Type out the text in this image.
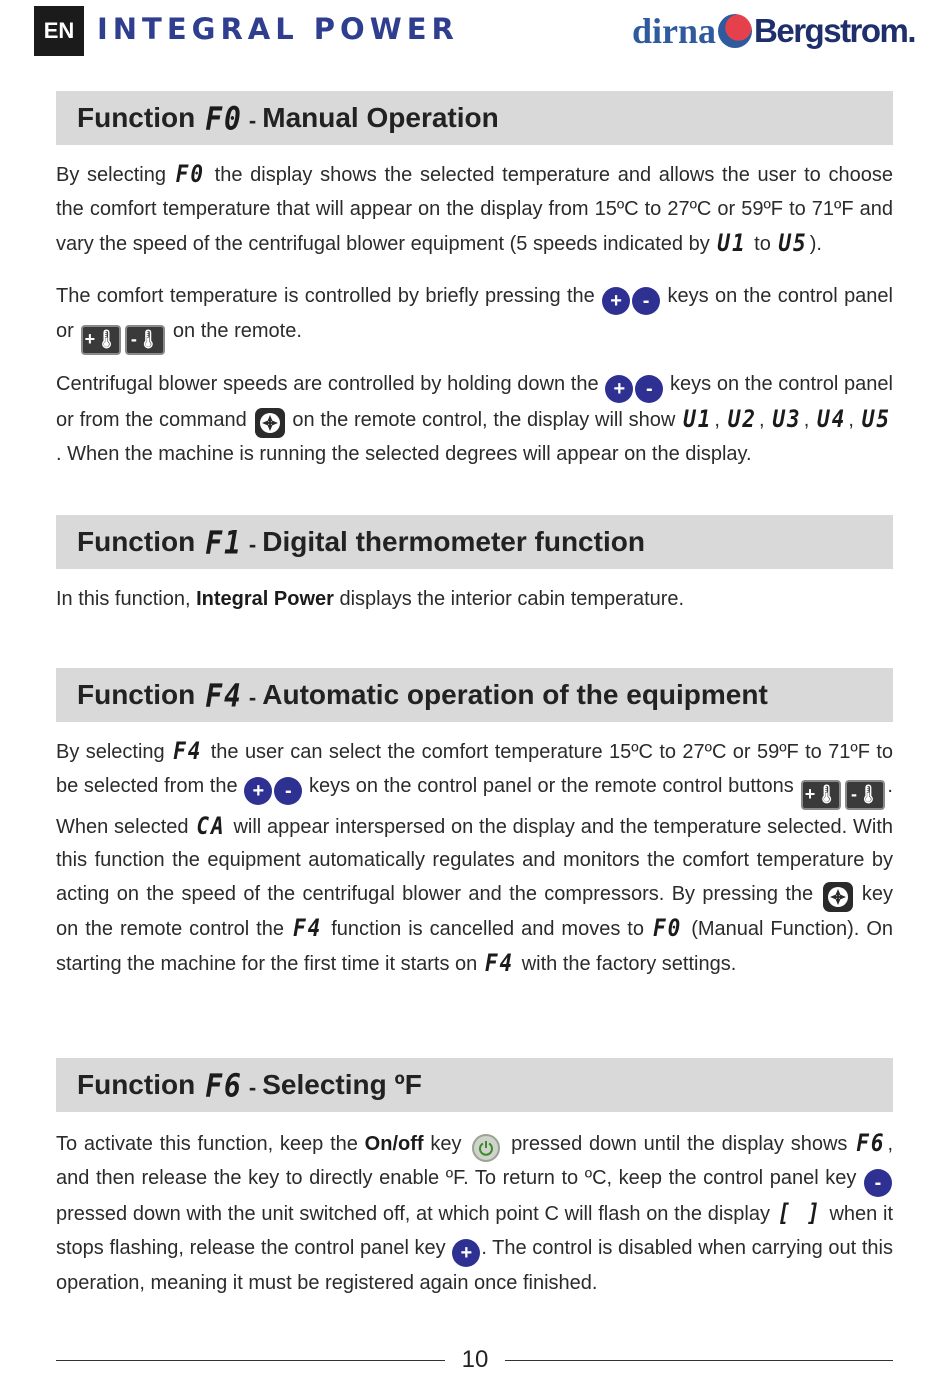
EN INTEGRAL POWER	dirna Bergstrom.
Function F0 - Manual Operation
By selecting F0 the display shows the selected temperature and allows the user to choose the comfort temperature that will appear on the display from 15ºC to 27ºC or 59ºF to 71ºF and vary the speed of the centrifugal blower equipment (5 speeds indicated by U1 to U5 ).
The comfort temperature is controlled by briefly pressing the + - keys on the control panel or +🌡 -🌡 on the remote.
Centrifugal blower speeds are controlled by holding down the + - keys on the control panel or from the command on the remote control, the display will show U1 , U2 , U3 , U4 , U5. When the machine is running the selected degrees will appear on the display.
Function F1 - Digital thermometer function
In this function, Integral Power displays the interior cabin temperature.
Function F4 - Automatic operation of the equipment
By selecting F4 the user can select the comfort temperature 15ºC to 27ºC or 59ºF to 71ºF to be selected from the + - keys on the control panel or the remote control buttons +🌡 -🌡 . When selected CA will appear interspersed on the display and the temperature selected. With this function the equipment automatically regulates and monitors the comfort temperature by acting on the speed of the centrifugal blower and the compressors. By pressing the key on the remote control the F4 function is cancelled and moves to F0 (Manual Function). On starting the machine for the first time it starts on F4 with the factory settings.
Function F6 - Selecting ºF
To activate this function, keep the On/off key pressed down until the display shows F6 , and then release the key to directly enable ºF. To return to ºC, keep the control panel key - pressed down with the unit switched off, at which point C will flash on the display [ ] when it stops flashing, release the control panel key + . The control is disabled when carrying out this operation, meaning it must be registered again once finished.
10
